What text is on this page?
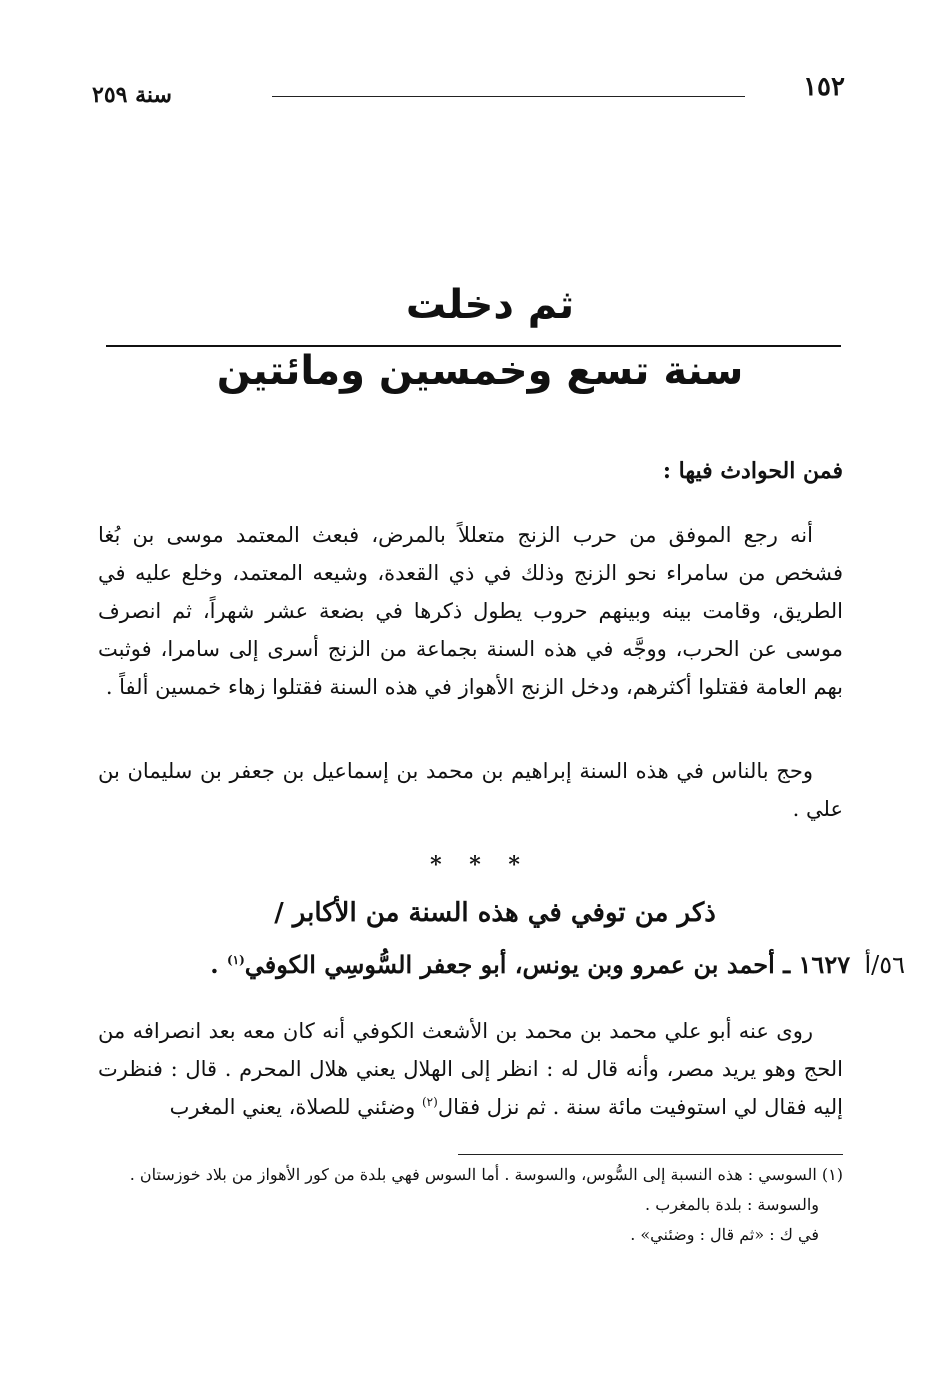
١٥٢
سنة ٢٥٩
ثم دخلت
سنة تسع وخمسين ومائتين
فمن الحوادث فيها :
أنه رجع الموفق من حرب الزنج متعللاً بالمرض، فبعث المعتمد موسى بن بُغا فشخص من سامراء نحو الزنج وذلك في ذي القعدة، وشيعه المعتمد، وخلع عليه في الطريق، وقامت بينه وبينهم حروب يطول ذكرها في بضعة عشر شهراً، ثم انصرف موسى عن الحرب، ووجَّه في هذه السنة بجماعة من الزنج أسرى إلى سامرا، فوثبت بهم العامة فقتلوا أكثرهم، ودخل الزنج الأهواز في هذه السنة فقتلوا زهاء خمسين ألفاً .
وحج بالناس في هذه السنة إبراهيم بن محمد بن إسماعيل بن جعفر بن سليمان بن علي .
* * *
ذكر من توفي في هذه السنة من الأكابر /
٥٦/أ ١٦٢٧ ـ أحمد بن عمرو وبن يونس، أبو جعفر السُّوسِي الكوفي$^{(١)}$ .
روى عنه أبو علي محمد بن محمد بن الأشعث الكوفي أنه كان معه بعد انصرافه من الحج وهو يريد مصر، وأنه قال له : انظر إلى الهلال يعني هلال المحرم . قال : فنظرت إليه فقال لي استوفيت مائة سنة . ثم نزل فقال$^{(٢)}$ وضئني للصلاة، يعني المغرب
(١) السوسي : هذه النسبة إلى السُّوس، والسوسة . أما السوس فهي بلدة من كور الأهواز من بلاد خوزستان .
والسوسة : بلدة بالمغرب .
في ك : «ثم قال : وضئني» .
